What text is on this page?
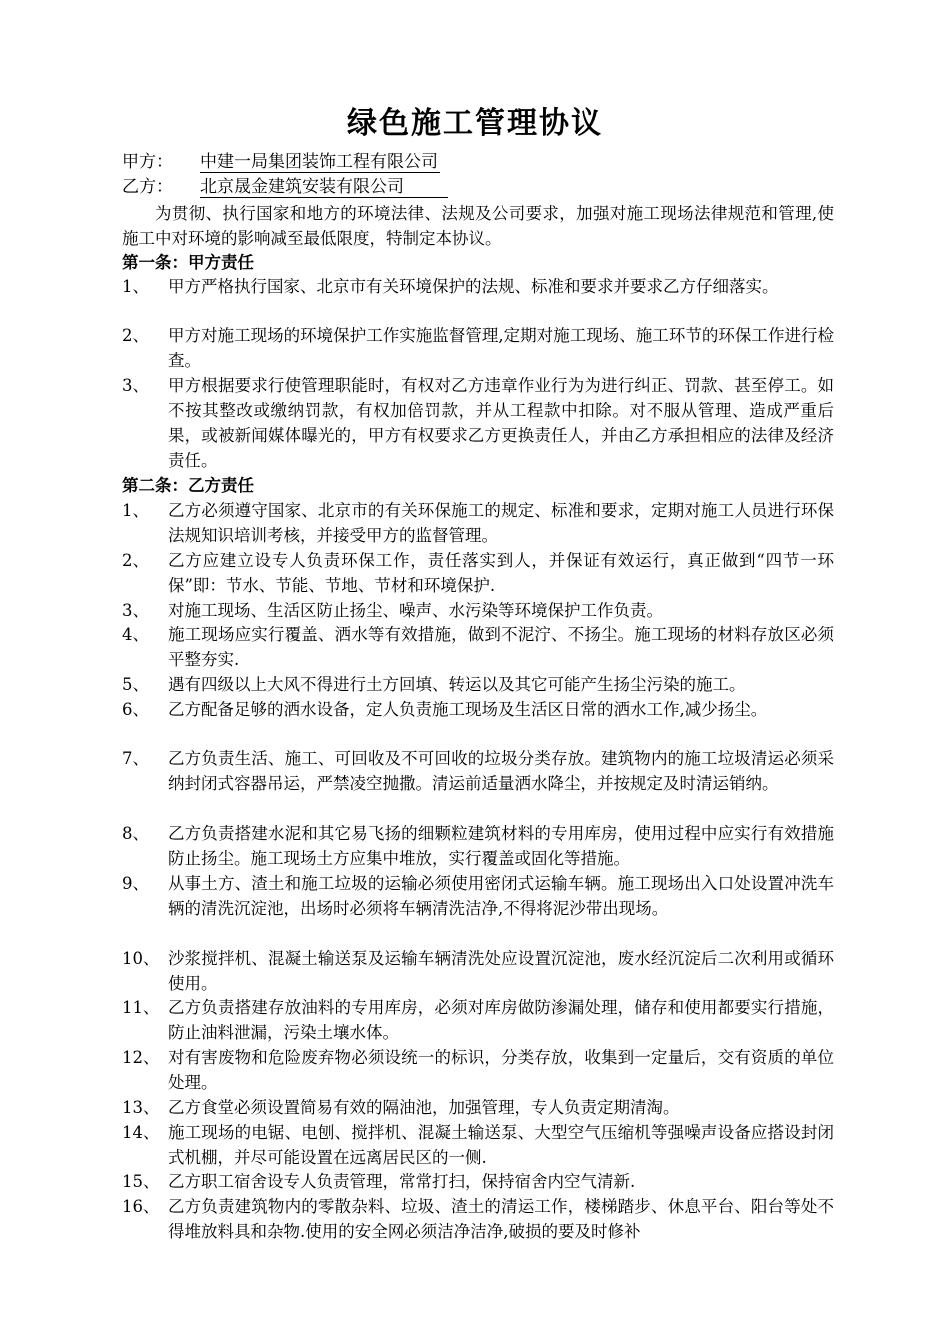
绿色施工管理协议
甲方： 中建一局集团装饰工程有限公司
乙方： 北京晟金建筑安装有限公司
为贯彻、执行国家和地方的环境法律、法规及公司要求，加强对施工现场法律规范和管理,使施工中对环境的影响减至最低限度，特制定本协议。
第一条：甲方责任
1、	甲方严格执行国家、北京市有关环境保护的法规、标准和要求并要求乙方仔细落实。
2、	甲方对施工现场的环境保护工作实施监督管理,定期对施工现场、施工环节的环保工作进行检查。
3、	甲方根据要求行使管理职能时，有权对乙方违章作业行为为进行纠正、罚款、甚至停工。如不按其整改或缴纳罚款，有权加倍罚款，并从工程款中扣除。对不服从管理、造成严重后果，或被新闻媒体曝光的，甲方有权要求乙方更换责任人，并由乙方承担相应的法律及经济责任。
第二条：乙方责任
1、	乙方必须遵守国家、北京市的有关环保施工的规定、标准和要求，定期对施工人员进行环保法规知识培训考核，并接受甲方的监督管理。
2、	乙方应建立设专人负责环保工作，责任落实到人，并保证有效运行，真正做到“四节一环保”即：节水、节能、节地、节材和环境保护.
3、	对施工现场、生活区防止扬尘、噪声、水污染等环境保护工作负责。
4、	施工现场应实行覆盖、洒水等有效措施，做到不泥泞、不扬尘。施工现场的材料存放区必须平整夯实.
5、	遇有四级以上大风不得进行土方回填、转运以及其它可能产生扬尘污染的施工。
6、	乙方配备足够的洒水设备，定人负责施工现场及生活区日常的洒水工作,减少扬尘。
7、	乙方负责生活、施工、可回收及不可回收的垃圾分类存放。建筑物内的施工垃圾清运必须采纳封闭式容器吊运，严禁凌空抛撒。清运前适量洒水降尘，并按规定及时清运销纳。
8、	乙方负责搭建水泥和其它易飞扬的细颗粒建筑材料的专用库房，使用过程中应实行有效措施防止扬尘。施工现场土方应集中堆放，实行覆盖或固化等措施。
9、	从事土方、渣土和施工垃圾的运输必须使用密闭式运输车辆。施工现场出入口处设置冲洗车辆的清洗沉淀池，出场时必须将车辆清洗洁净,不得将泥沙带出现场。
10、 沙浆搅拌机、混凝土输送泵及运输车辆清洗处应设置沉淀池，废水经沉淀后二次利用或循环使用。
11、 乙方负责搭建存放油料的专用库房，必须对库房做防渗漏处理，储存和使用都要实行措施，防止油料泄漏，污染土壤水体。
12、 对有害废物和危险废弃物必须设统一的标识，分类存放，收集到一定量后，交有资质的单位处理。
13、 乙方食堂必须设置简易有效的隔油池，加强管理，专人负责定期清淘。
14、 施工现场的电锯、电刨、搅拌机、混凝土输送泵、大型空气压缩机等强噪声设备应搭设封闭式机棚，并尽可能设置在远离居民区的一侧.
15、 乙方职工宿舍设专人负责管理，常常打扫，保持宿舍内空气清新.
16、 乙方负责建筑物内的零散杂料、垃圾、渣土的清运工作，楼梯踏步、休息平台、阳台等处不得堆放料具和杂物.使用的安全网必须洁净洁净,破损的要及时修补
